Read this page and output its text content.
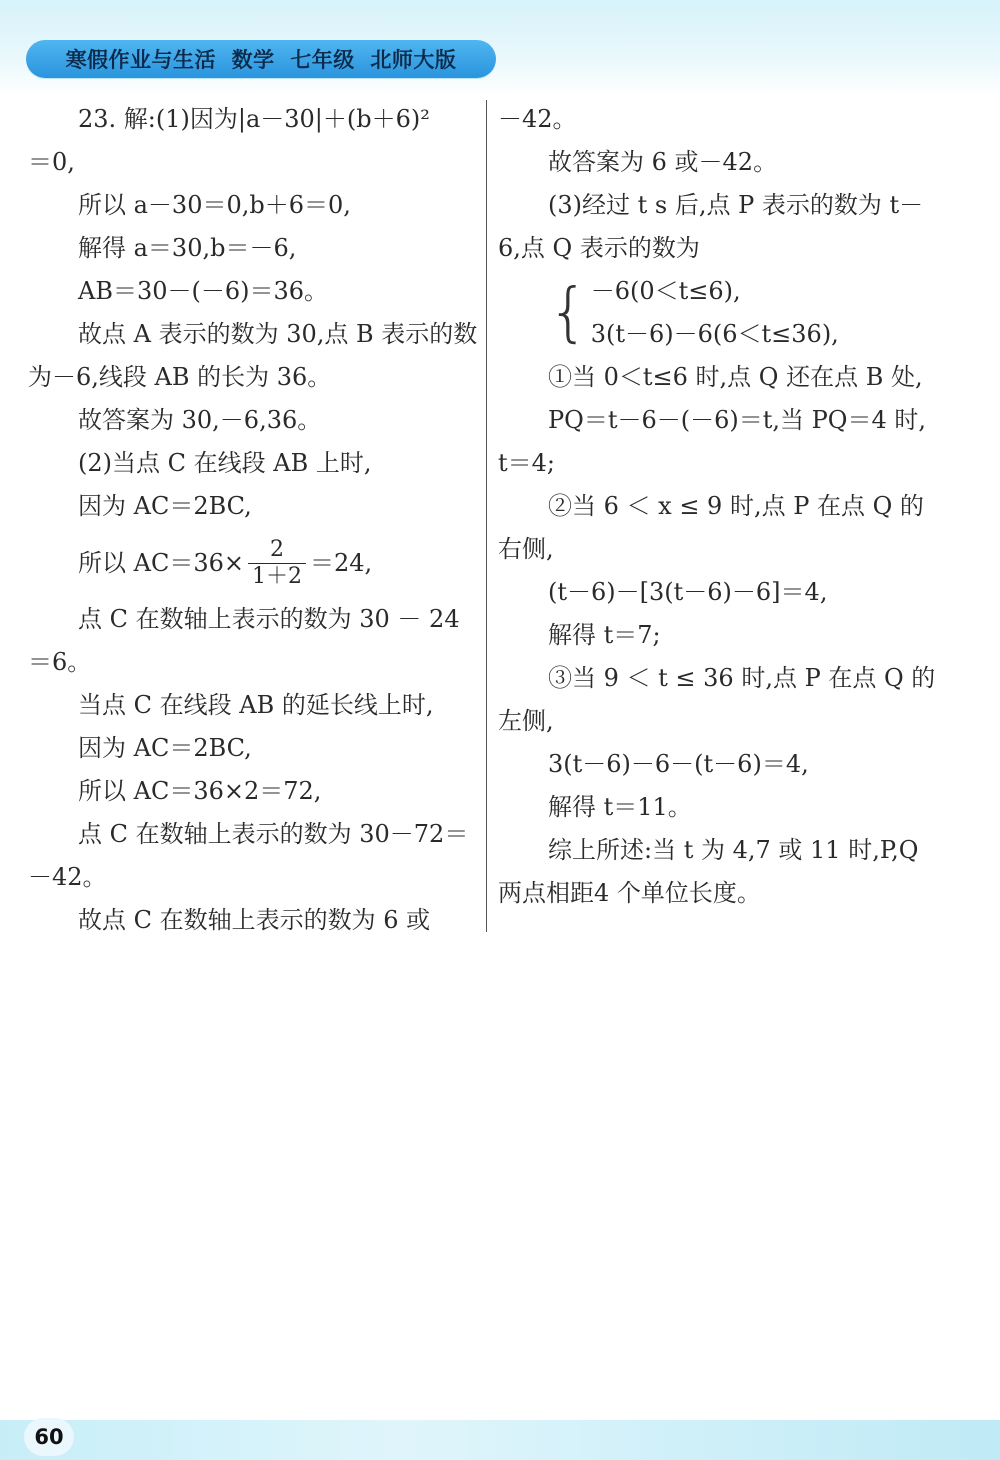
寒假作业与生活  数学  七年级  北师大版
23. 解:(1)因为|a－30|＋(b＋6)²
＝0,
所以 a－30＝0,b＋6＝0,
解得 a＝30,b＝－6,
AB＝30－(－6)＝36。
故点 A 表示的数为 30,点 B 表示的数
为－6,线段 AB 的长为 36。
故答案为 30,－6,36。
(2)当点 C 在线段 AB 上时,
因为 AC＝2BC,
所以 $AC=36\times \frac{2}{1+2} =24$,
点 C 在数轴上表示的数为 30 － 24
＝6。
当点 C 在线段 AB 的延长线上时,
因为 AC＝2BC,
所以 AC＝36×2＝72,
点 C 在数轴上表示的数为 30－72＝
－42。
故点 C 在数轴上表示的数为 6 或
－42。
故答案为 6 或－42。
(3)经过 t s 后,点 P 表示的数为 t－
6,点 Q 表示的数为
{ －6(0＜t≤6),
3(t－6)－6(6＜t≤36),
①当 0＜t≤6 时,点 Q 还在点 B 处,
PQ＝t－6－(－6)＝t,当 PQ＝4 时,
t＝4;
②当 6 ＜ x ≤ 9 时,点 P 在点 Q 的
右侧,
(t－6)－[3(t－6)－6]＝4,
解得 t＝7;
③当 9 ＜ t ≤ 36 时,点 P 在点 Q 的
左侧,
3(t－6)－6－(t－6)＝4,
解得 t＝11。
综上所述:当 t 为 4,7 或 11 时,P,Q
两点相距4 个单位长度。
60
